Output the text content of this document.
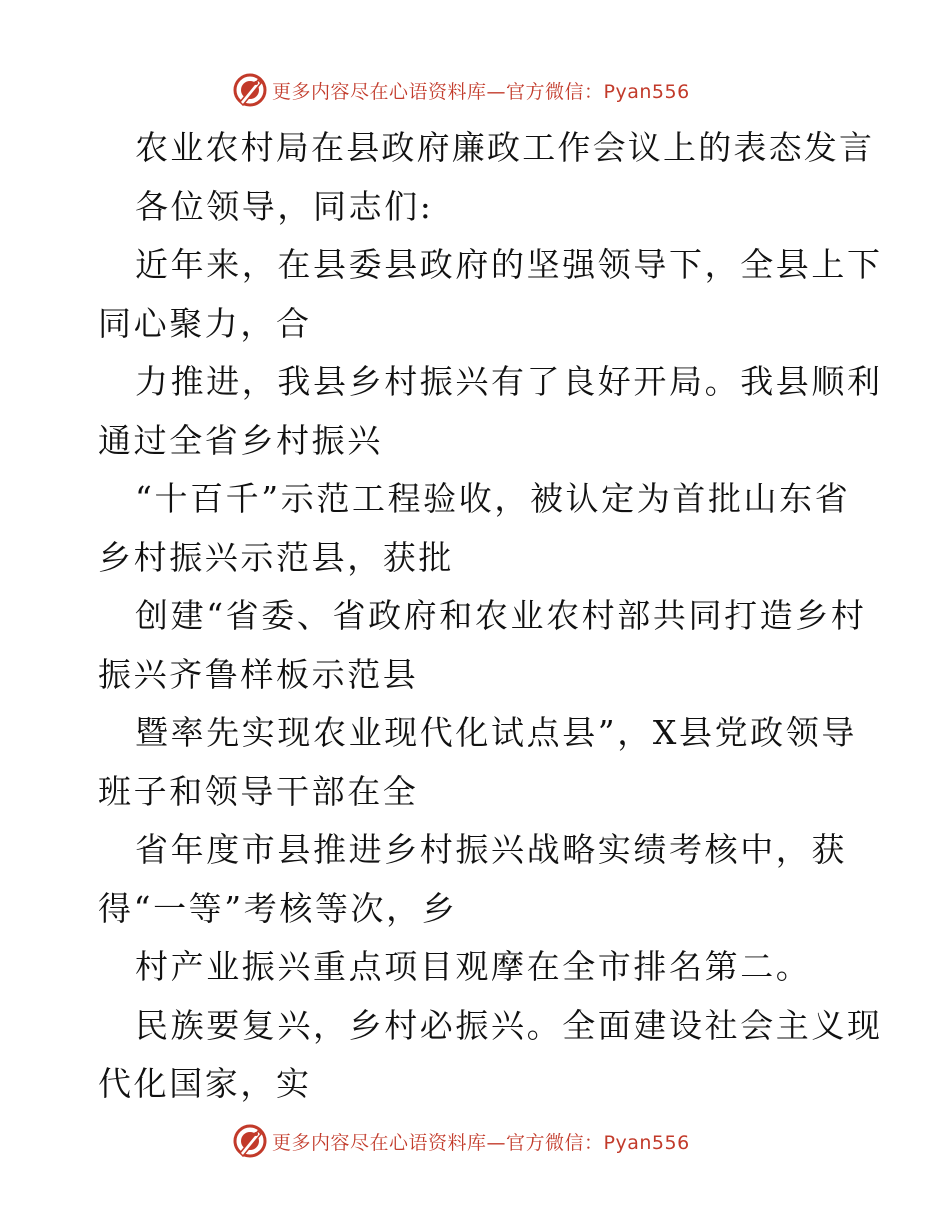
更多内容尽在心语资料库—官方微信：Pyan556
农业农村局在县政府廉政工作会议上的表态发言
各位领导，同志们:
近年来，在县委县政府的坚强领导下，全县上下
同心聚力，合
力推进，我县乡村振兴有了良好开局。我县顺利
通过全省乡村振兴
“十百千”示范工程验收，被认定为首批山东省
乡村振兴示范县，获批
创建“省委、省政府和农业农村部共同打造乡村
振兴齐鲁样板示范县
暨率先实现农业现代化试点县”，X县党政领导
班子和领导干部在全
省年度市县推进乡村振兴战略实绩考核中，获
得“一等”考核等次，乡
村产业振兴重点项目观摩在全市排名第二。
民族要复兴，乡村必振兴。全面建设社会主义现
代化国家，实
更多内容尽在心语资料库—官方微信：Pyan556
